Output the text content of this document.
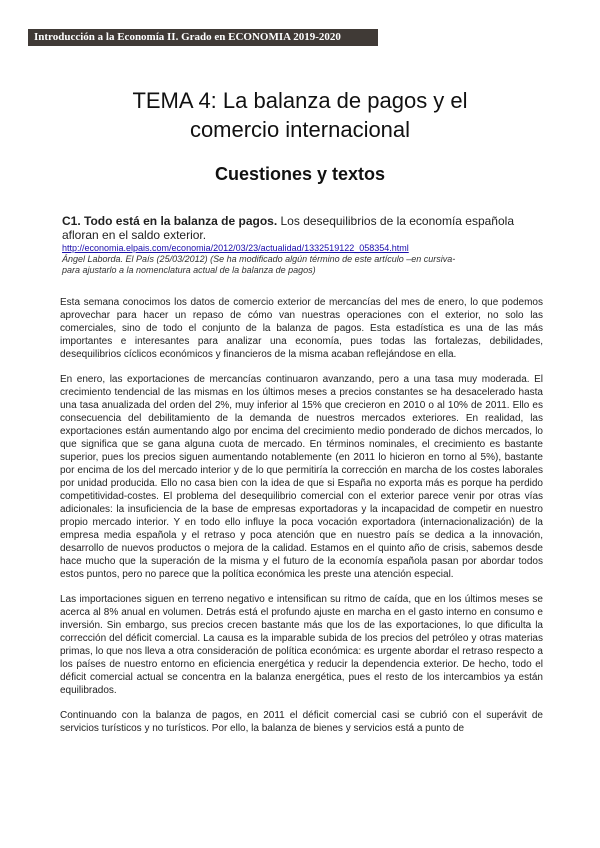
Introducción a la Economía II. Grado en ECONOMIA 2019-2020
TEMA 4: La balanza de pagos y el
comercio internacional
Cuestiones y textos
C1. Todo está en la balanza de pagos. Los desequilibrios de la economía española
afloran en el saldo exterior.
http://economia.elpais.com/economia/2012/03/23/actualidad/1332519122_058354.html
Ángel Laborda. El País (25/03/2012) (Se ha modificado algún término de este artículo –en cursiva-
para ajustarlo a la nomenclatura actual de la balanza de pagos)

Esta semana conocimos los datos de comercio exterior de mercancías del mes de enero, lo que podemos aprovechar para hacer un repaso de cómo van nuestras operaciones con el exterior, no solo las comerciales, sino de todo el conjunto de la balanza de pagos. Esta estadística es una de las más importantes e interesantes para analizar una economía, pues todas las fortalezas, debilidades, desequilibrios cíclicos económicos y financieros de la misma acaban reflejándose en ella.

En enero, las exportaciones de mercancías continuaron avanzando, pero a una tasa muy moderada. El crecimiento tendencial de las mismas en los últimos meses a precios constantes se ha desacelerado hasta una tasa anualizada del orden del 2%, muy inferior al 15% que crecieron en 2010 o al 10% de 2011. Ello es consecuencia del debilitamiento de la demanda de nuestros mercados exteriores. En realidad, las exportaciones están aumentando algo por encima del crecimiento medio ponderado de dichos mercados, lo que significa que se gana alguna cuota de mercado. En términos nominales, el crecimiento es bastante superior, pues los precios siguen aumentando notablemente (en 2011 lo hicieron en torno al 5%), bastante por encima de los del mercado interior y de lo que permitiría la corrección en marcha de los costes laborales por unidad producida. Ello no casa bien con la idea de que si España no exporta más es porque ha perdido competitividad-costes. El problema del desequilibrio comercial con el exterior parece venir por otras vías adicionales: la insuficiencia de la base de empresas exportadoras y la incapacidad de competir en nuestro propio mercado interior. Y en todo ello influye la poca vocación exportadora (internacionalización) de la empresa media española y el retraso y poca atención que en nuestro país se dedica a la innovación, desarrollo de nuevos productos o mejora de la calidad. Estamos en el quinto año de crisis, sabemos desde hace mucho que la superación de la misma y el futuro de la economía española pasan por abordar todos estos puntos, pero no parece que la política económica les preste una atención especial.

Las importaciones siguen en terreno negativo e intensifican su ritmo de caída, que en los últimos meses se acerca al 8% anual en volumen. Detrás está el profundo ajuste en marcha en el gasto interno en consumo e inversión. Sin embargo, sus precios crecen bastante más que los de las exportaciones, lo que dificulta la corrección del déficit comercial. La causa es la imparable subida de los precios del petróleo y otras materias primas, lo que nos lleva a otra consideración de política económica: es urgente abordar el retraso respecto a los países de nuestro entorno en eficiencia energética y reducir la dependencia exterior. De hecho, todo el déficit comercial actual se concentra en la balanza energética, pues el resto de los intercambios ya están equilibrados.

Continuando con la balanza de pagos, en 2011 el déficit comercial casi se cubrió con el superávit de servicios turísticos y no turísticos. Por ello, la balanza de bienes y servicios está a punto de
